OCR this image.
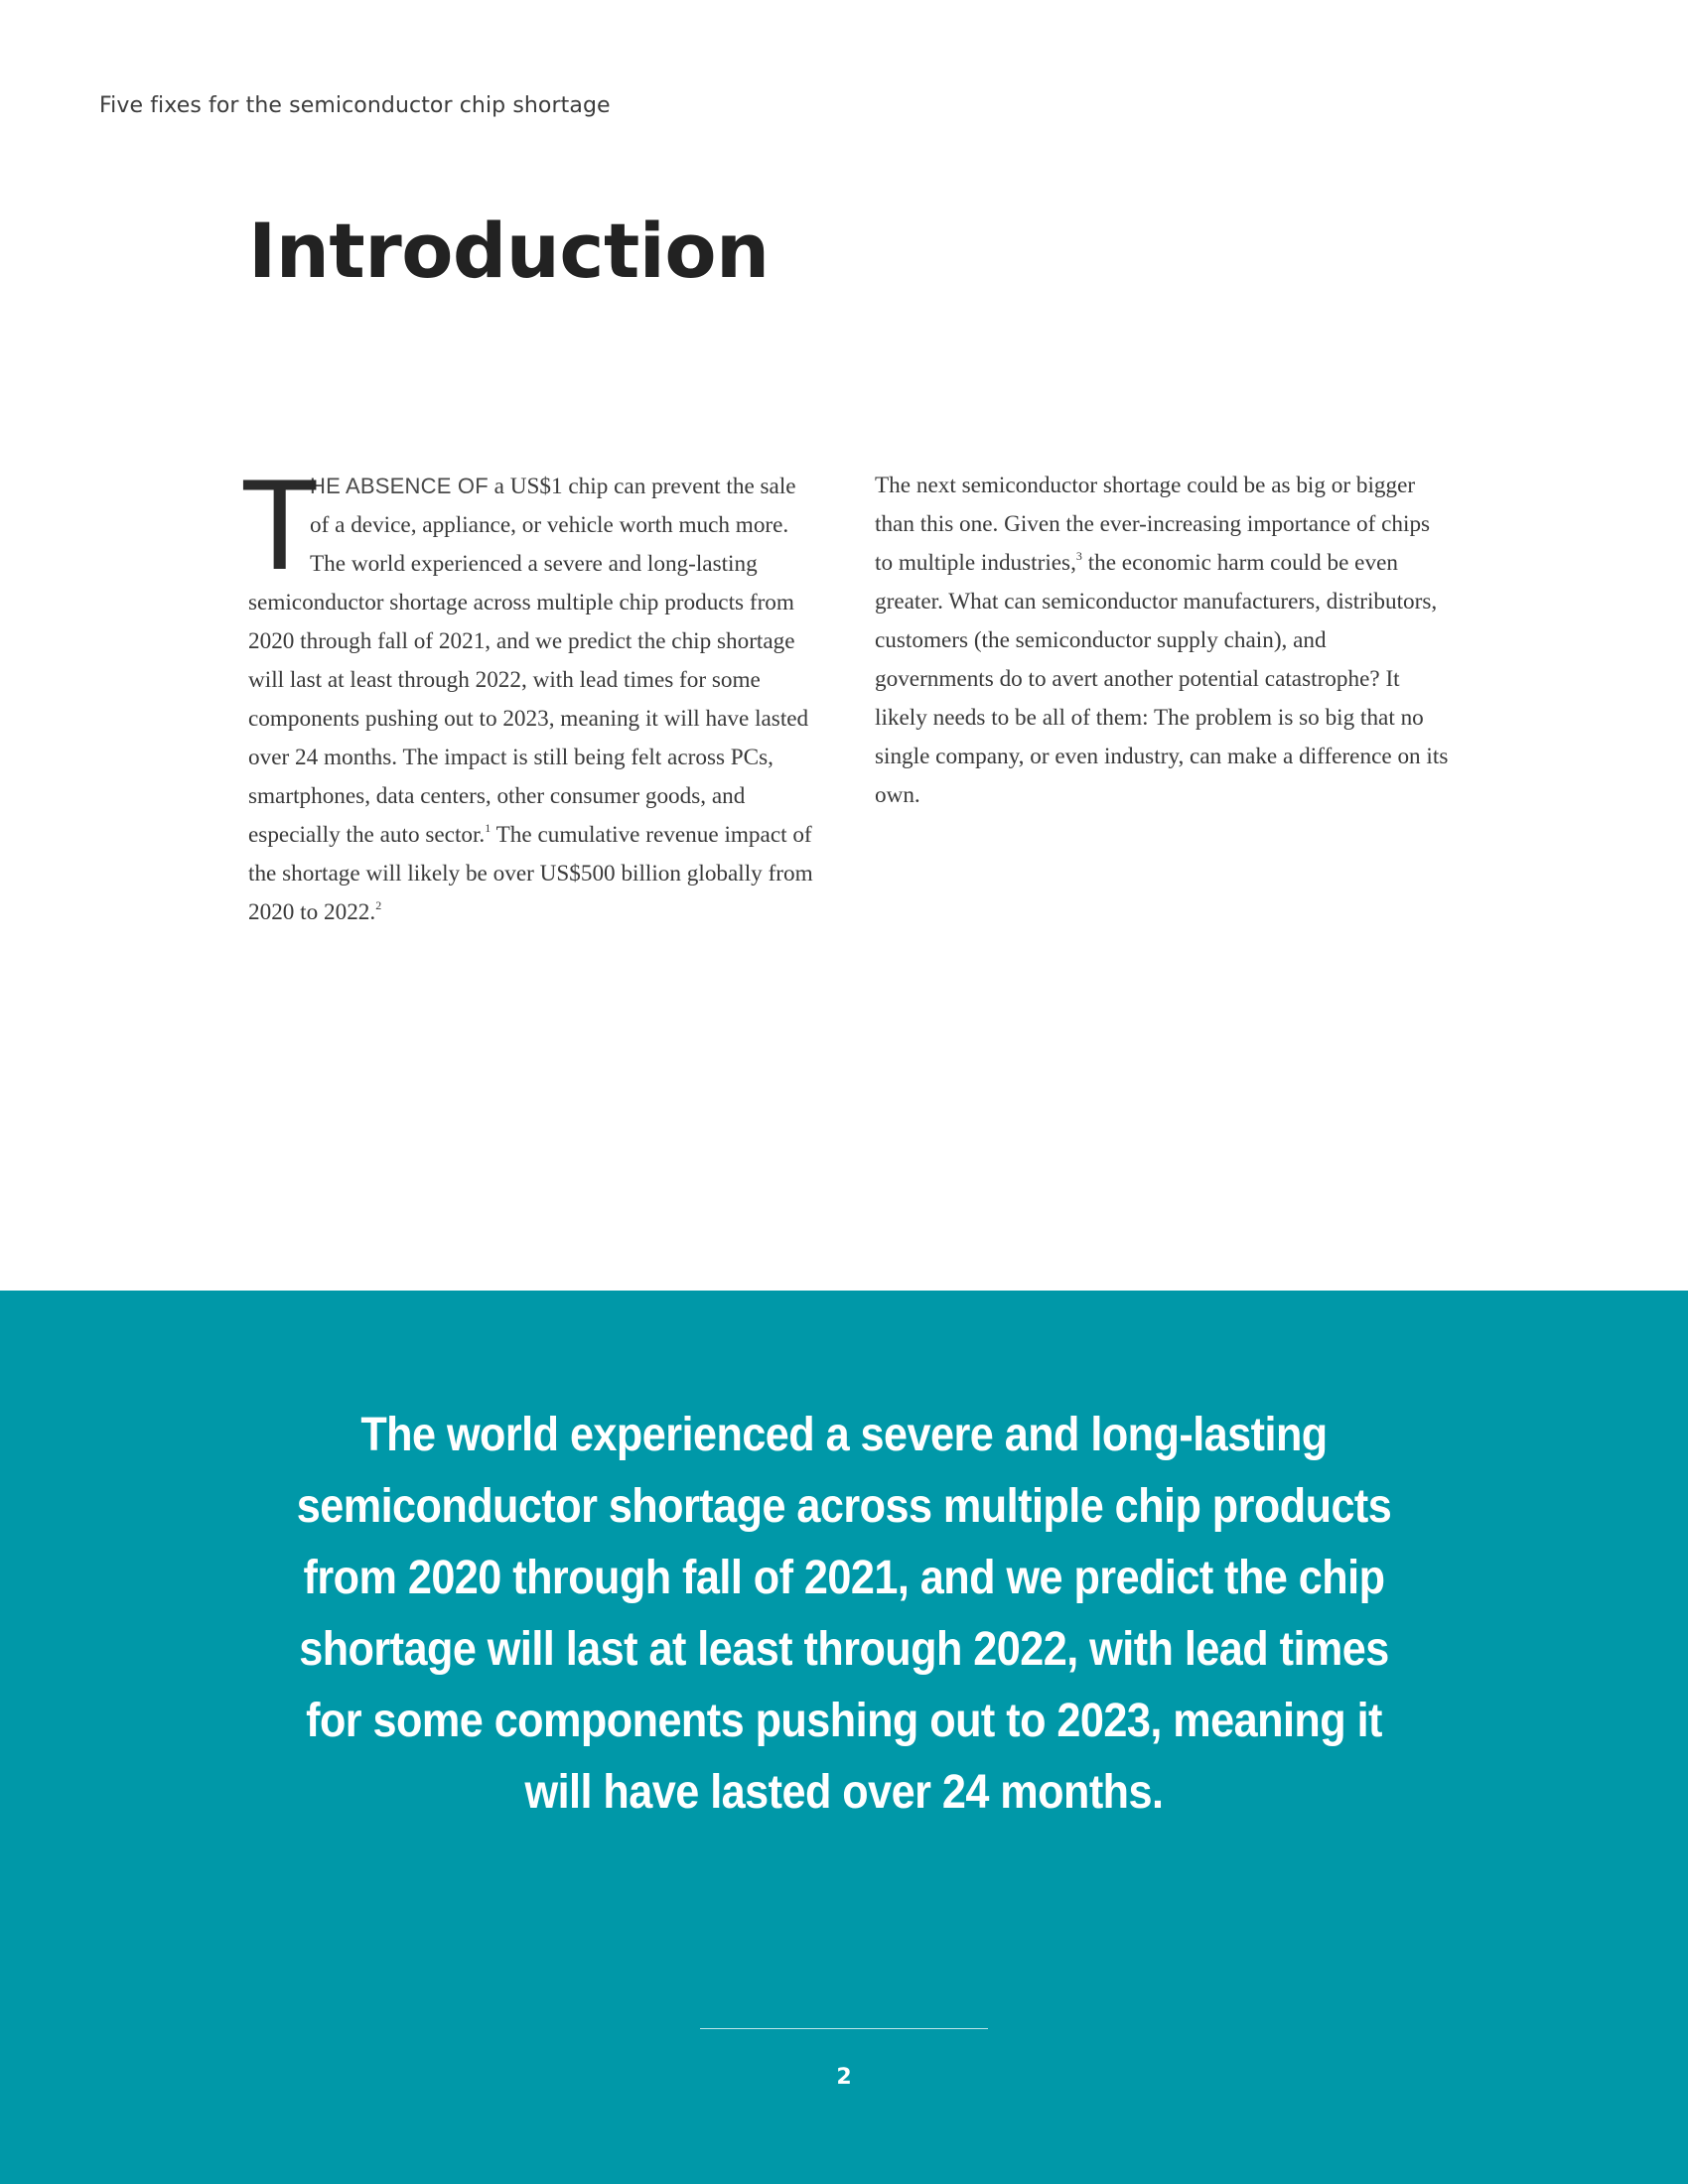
Five fixes for the semiconductor chip shortage
Introduction

T
HE ABSENCE OF a US$1 chip can prevent the sale of a device, appliance, or vehicle worth much more. The world experienced a severe and long-lasting semiconductor shortage across multiple chip products from 2020 through fall of 2021, and we predict the chip shortage will last at least through 2022, with lead times for some components pushing out to 2023, meaning it will have lasted over 24 months. The impact is still being felt across PCs, smartphones, data centers, other consumer goods, and especially the auto sector.$^1$ The cumulative revenue impact of the shortage will likely be over US$500 billion globally from 2020 to 2022.$^2$

The next semiconductor shortage could be as big or bigger than this one. Given the ever-increasing importance of chips to multiple industries,$^3$ the economic harm could be even greater. What can semiconductor manufacturers, distributors, customers (the semiconductor supply chain), and governments do to avert another potential catastrophe? It likely needs to be all of them: The problem is so big that no single company, or even industry, can make a difference on its own.

The world experienced a severe and long-lasting semiconductor shortage across multiple chip products from 2020 through fall of 2021, and we predict the chip shortage will last at least through 2022, with lead times for some components pushing out to 2023, meaning it will have lasted over 24 months.
2
